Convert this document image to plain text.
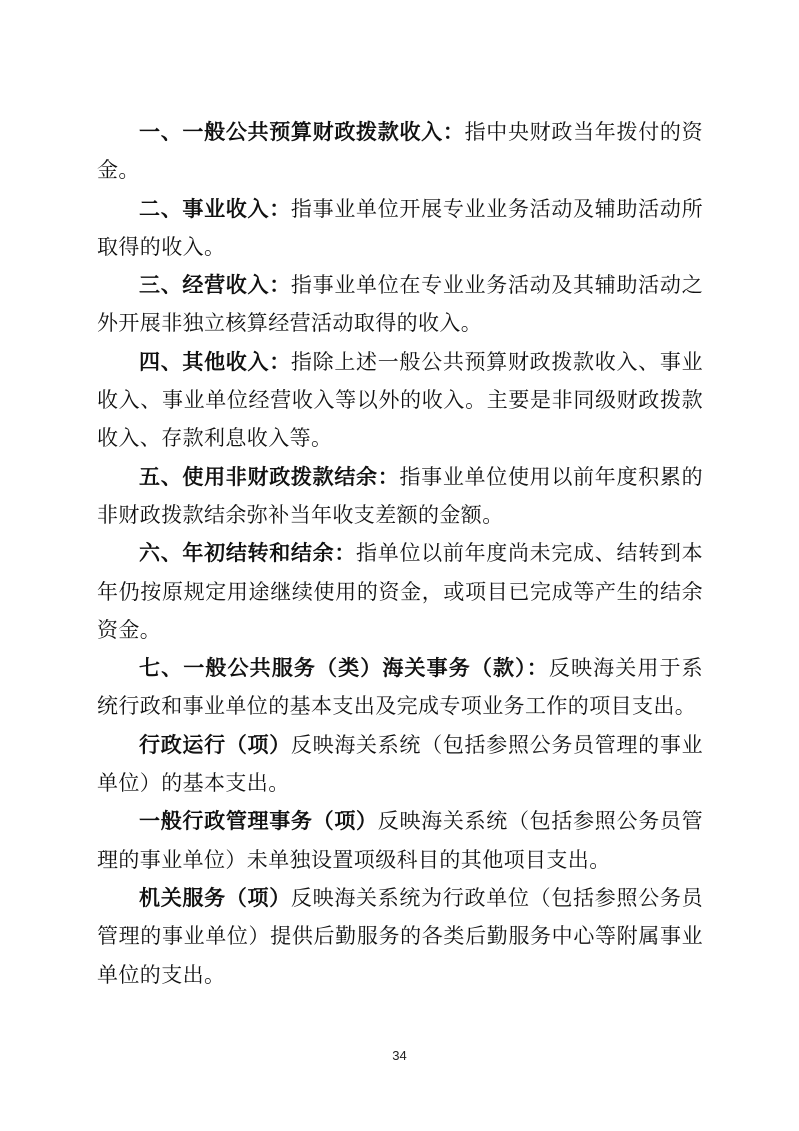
一、一般公共预算财政拨款收入：指中央财政当年拨付的资金。

二、事业收入：指事业单位开展专业业务活动及辅助活动所取得的收入。

三、经营收入：指事业单位在专业业务活动及其辅助活动之外开展非独立核算经营活动取得的收入。

四、其他收入：指除上述一般公共预算财政拨款收入、事业收入、事业单位经营收入等以外的收入。主要是非同级财政拨款收入、存款利息收入等。

五、使用非财政拨款结余：指事业单位使用以前年度积累的非财政拨款结余弥补当年收支差额的金额。

六、年初结转和结余：指单位以前年度尚未完成、结转到本年仍按原规定用途继续使用的资金，或项目已完成等产生的结余资金。

七、一般公共服务（类）海关事务（款）：反映海关用于系统行政和事业单位的基本支出及完成专项业务工作的项目支出。

行政运行（项）反映海关系统（包括参照公务员管理的事业单位）的基本支出。

一般行政管理事务（项）反映海关系统（包括参照公务员管理的事业单位）未单独设置项级科目的其他项目支出。

机关服务（项）反映海关系统为行政单位（包括参照公务员管理的事业单位）提供后勤服务的各类后勤服务中心等附属事业单位的支出。

34
